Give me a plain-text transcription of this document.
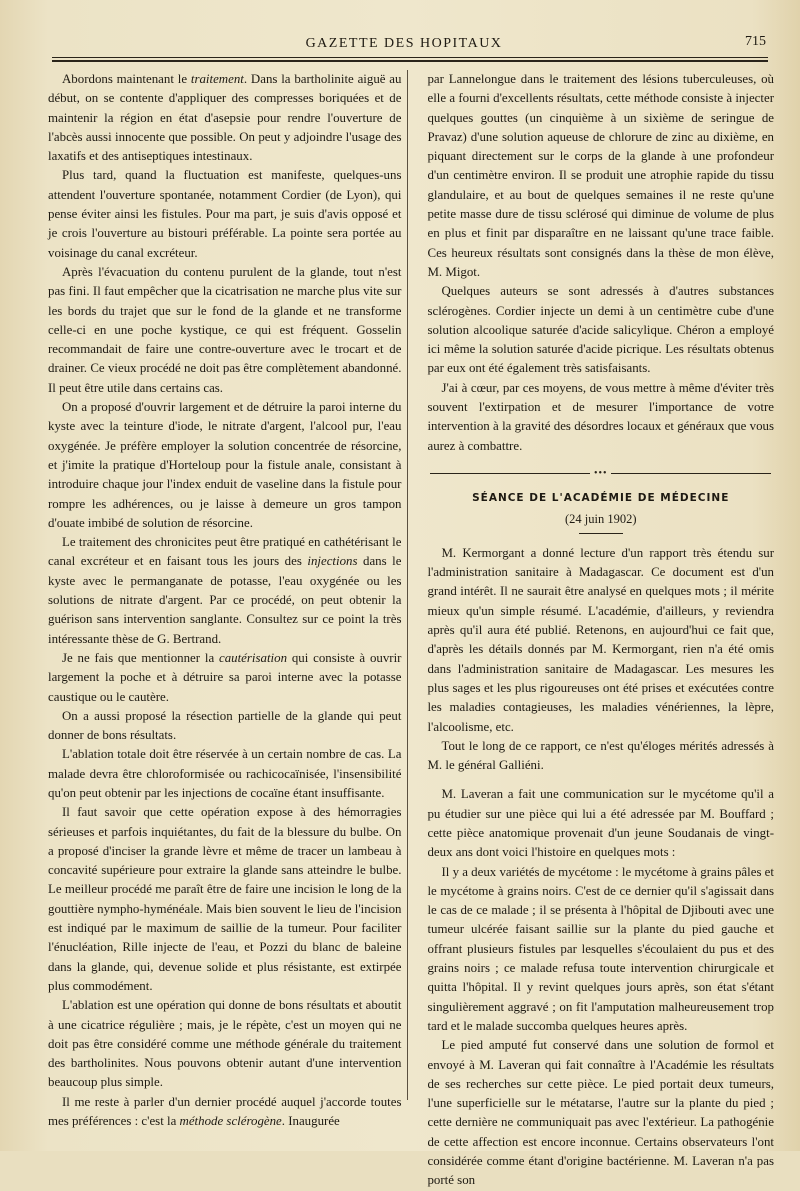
GAZETTE DES HOPITAUX	715

Abordons maintenant le traitement. Dans la bartholinite aiguë au début, on se contente d'appliquer des compresses boriquées et de maintenir la région en état d'asepsie pour rendre l'ouverture de l'abcès aussi innocente que possible. On peut y adjoindre l'usage des laxatifs et des antiseptiques intestinaux.

Plus tard, quand la fluctuation est manifeste, quelques-uns attendent l'ouverture spontanée, notamment Cordier (de Lyon), qui pense éviter ainsi les fistules. Pour ma part, je suis d'avis opposé et je crois l'ouverture au bistouri préférable. La pointe sera portée au voisinage du canal excréteur.

Après l'évacuation du contenu purulent de la glande, tout n'est pas fini. Il faut empêcher que la cicatrisation ne marche plus vite sur les bords du trajet que sur le fond de la glande et ne transforme celle-ci en une poche kystique, ce qui est fréquent. Gosselin recommandait de faire une contre-ouverture avec le trocart et de drainer. Ce vieux procédé ne doit pas être complètement abandonné. Il peut être utile dans certains cas.

On a proposé d'ouvrir largement et de détruire la paroi interne du kyste avec la teinture d'iode, le nitrate d'argent, l'alcool pur, l'eau oxygénée. Je préfère employer la solution concentrée de résorcine, et j'imite la pratique d'Horteloup pour la fistule anale, consistant à introduire chaque jour l'index enduit de vaseline dans la fistule pour rompre les adhérences, ou je laisse à demeure un gros tampon d'ouate imbibé de solution de résorcine.

Le traitement des chronicites peut être pratiqué en cathétérisant le canal excréteur et en faisant tous les jours des injections dans le kyste avec le permanganate de potasse, l'eau oxygénée ou les solutions de nitrate d'argent. Par ce procédé, on peut obtenir la guérison sans intervention sanglante. Consultez sur ce point la très intéressante thèse de G. Bertrand.

Je ne fais que mentionner la cautérisation qui consiste à ouvrir largement la poche et à détruire sa paroi interne avec la potasse caustique ou le cautère.

On a aussi proposé la résection partielle de la glande qui peut donner de bons résultats.

L'ablation totale doit être réservée à un certain nombre de cas. La malade devra être chloroformisée ou rachicocaïnisée, l'insensibilité qu'on peut obtenir par les injections de cocaïne étant insuffisante.

Il faut savoir que cette opération expose à des hémorragies sérieuses et parfois inquiétantes, du fait de la blessure du bulbe. On a proposé d'inciser la grande lèvre et même de tracer un lambeau à concavité supérieure pour extraire la glande sans atteindre le bulbe. Le meilleur procédé me paraît être de faire une incision le long de la gouttière nympho-hyménéale. Mais bien souvent le lieu de l'incision est indiqué par le maximum de saillie de la tumeur. Pour faciliter l'énucléation, Rille injecte de l'eau, et Pozzi du blanc de baleine dans la glande, qui, devenue solide et plus résistante, est extirpée plus commodément.

L'ablation est une opération qui donne de bons résultats et aboutit à une cicatrice régulière ; mais, je le répète, c'est un moyen qui ne doit pas être considéré comme une méthode générale du traitement des bartholinites. Nous pouvons obtenir autant d'une intervention beaucoup plus simple.

Il me reste à parler d'un dernier procédé auquel j'accorde toutes mes préférences : c'est la méthode sclérogène. Inaugurée

par Lannelongue dans le traitement des lésions tuberculeuses, où elle a fourni d'excellents résultats, cette méthode consiste à injecter quelques gouttes (un cinquième à un sixième de seringue de Pravaz) d'une solution aqueuse de chlorure de zinc au dixième, en piquant directement sur le corps de la glande à une profondeur d'un centimètre environ. Il se produit une atrophie rapide du tissu glandulaire, et au bout de quelques semaines il ne reste qu'une petite masse dure de tissu sclérosé qui diminue de volume de plus en plus et finit par disparaître en ne laissant qu'une trace faible. Ces heureux résultats sont consignés dans la thèse de mon élève, M. Migot.

Quelques auteurs se sont adressés à d'autres substances sclérogènes. Cordier injecte un demi à un centimètre cube d'une solution alcoolique saturée d'acide salicylique. Chéron a employé ici même la solution saturée d'acide picrique. Les résultats obtenus par eux ont été également très satisfaisants.

J'ai à cœur, par ces moyens, de vous mettre à même d'éviter très souvent l'extirpation et de mesurer l'importance de votre intervention à la gravité des désordres locaux et généraux que vous aurez à combattre.

•••
SÉANCE DE L'ACADÉMIE DE MÉDECINE
(24 juin 1902)

M. Kermorgant a donné lecture d'un rapport très étendu sur l'administration sanitaire à Madagascar. Ce document est d'un grand intérêt. Il ne saurait être analysé en quelques mots ; il mérite mieux qu'un simple résumé. L'académie, d'ailleurs, y reviendra après qu'il aura été publié. Retenons, en aujourd'hui ce fait que, d'après les détails donnés par M. Kermorgant, rien n'a été omis dans l'administration sanitaire de Madagascar. Les mesures les plus sages et les plus rigoureuses ont été prises et exécutées contre les maladies contagieuses, les maladies vénériennes, la lèpre, l'alcoolisme, etc.

Tout le long de ce rapport, ce n'est qu'éloges mérités adressés à M. le général Galliéni.

M. Laveran a fait une communication sur le mycétome qu'il a pu étudier sur une pièce qui lui a été adressée par M. Bouffard ; cette pièce anatomique provenait d'un jeune Soudanais de vingt-deux ans dont voici l'histoire en quelques mots :

Il y a deux variétés de mycétome : le mycétome à grains pâles et le mycétome à grains noirs. C'est de ce dernier qu'il s'agissait dans le cas de ce malade ; il se présenta à l'hôpital de Djibouti avec une tumeur ulcérée faisant saillie sur la plante du pied gauche et offrant plusieurs fistules par lesquelles s'écoulaient du pus et des grains noirs ; ce malade refusa toute intervention chirurgicale et quitta l'hôpital. Il y revint quelques jours après, son état s'étant singulièrement aggravé ; on fit l'amputation malheureusement trop tard et le malade succomba quelques heures après.

Le pied amputé fut conservé dans une solution de formol et envoyé à M. Laveran qui fait connaître à l'Académie les résultats de ses recherches sur cette pièce. Le pied portait deux tumeurs, l'une superficielle sur le métatarse, l'autre sur la plante du pied ; cette dernière ne communiquait pas avec l'extérieur. La pathogénie de cette affection est encore inconnue. Certains observateurs l'ont considérée comme étant d'origine bactérienne. M. Laveran n'a pas porté son
